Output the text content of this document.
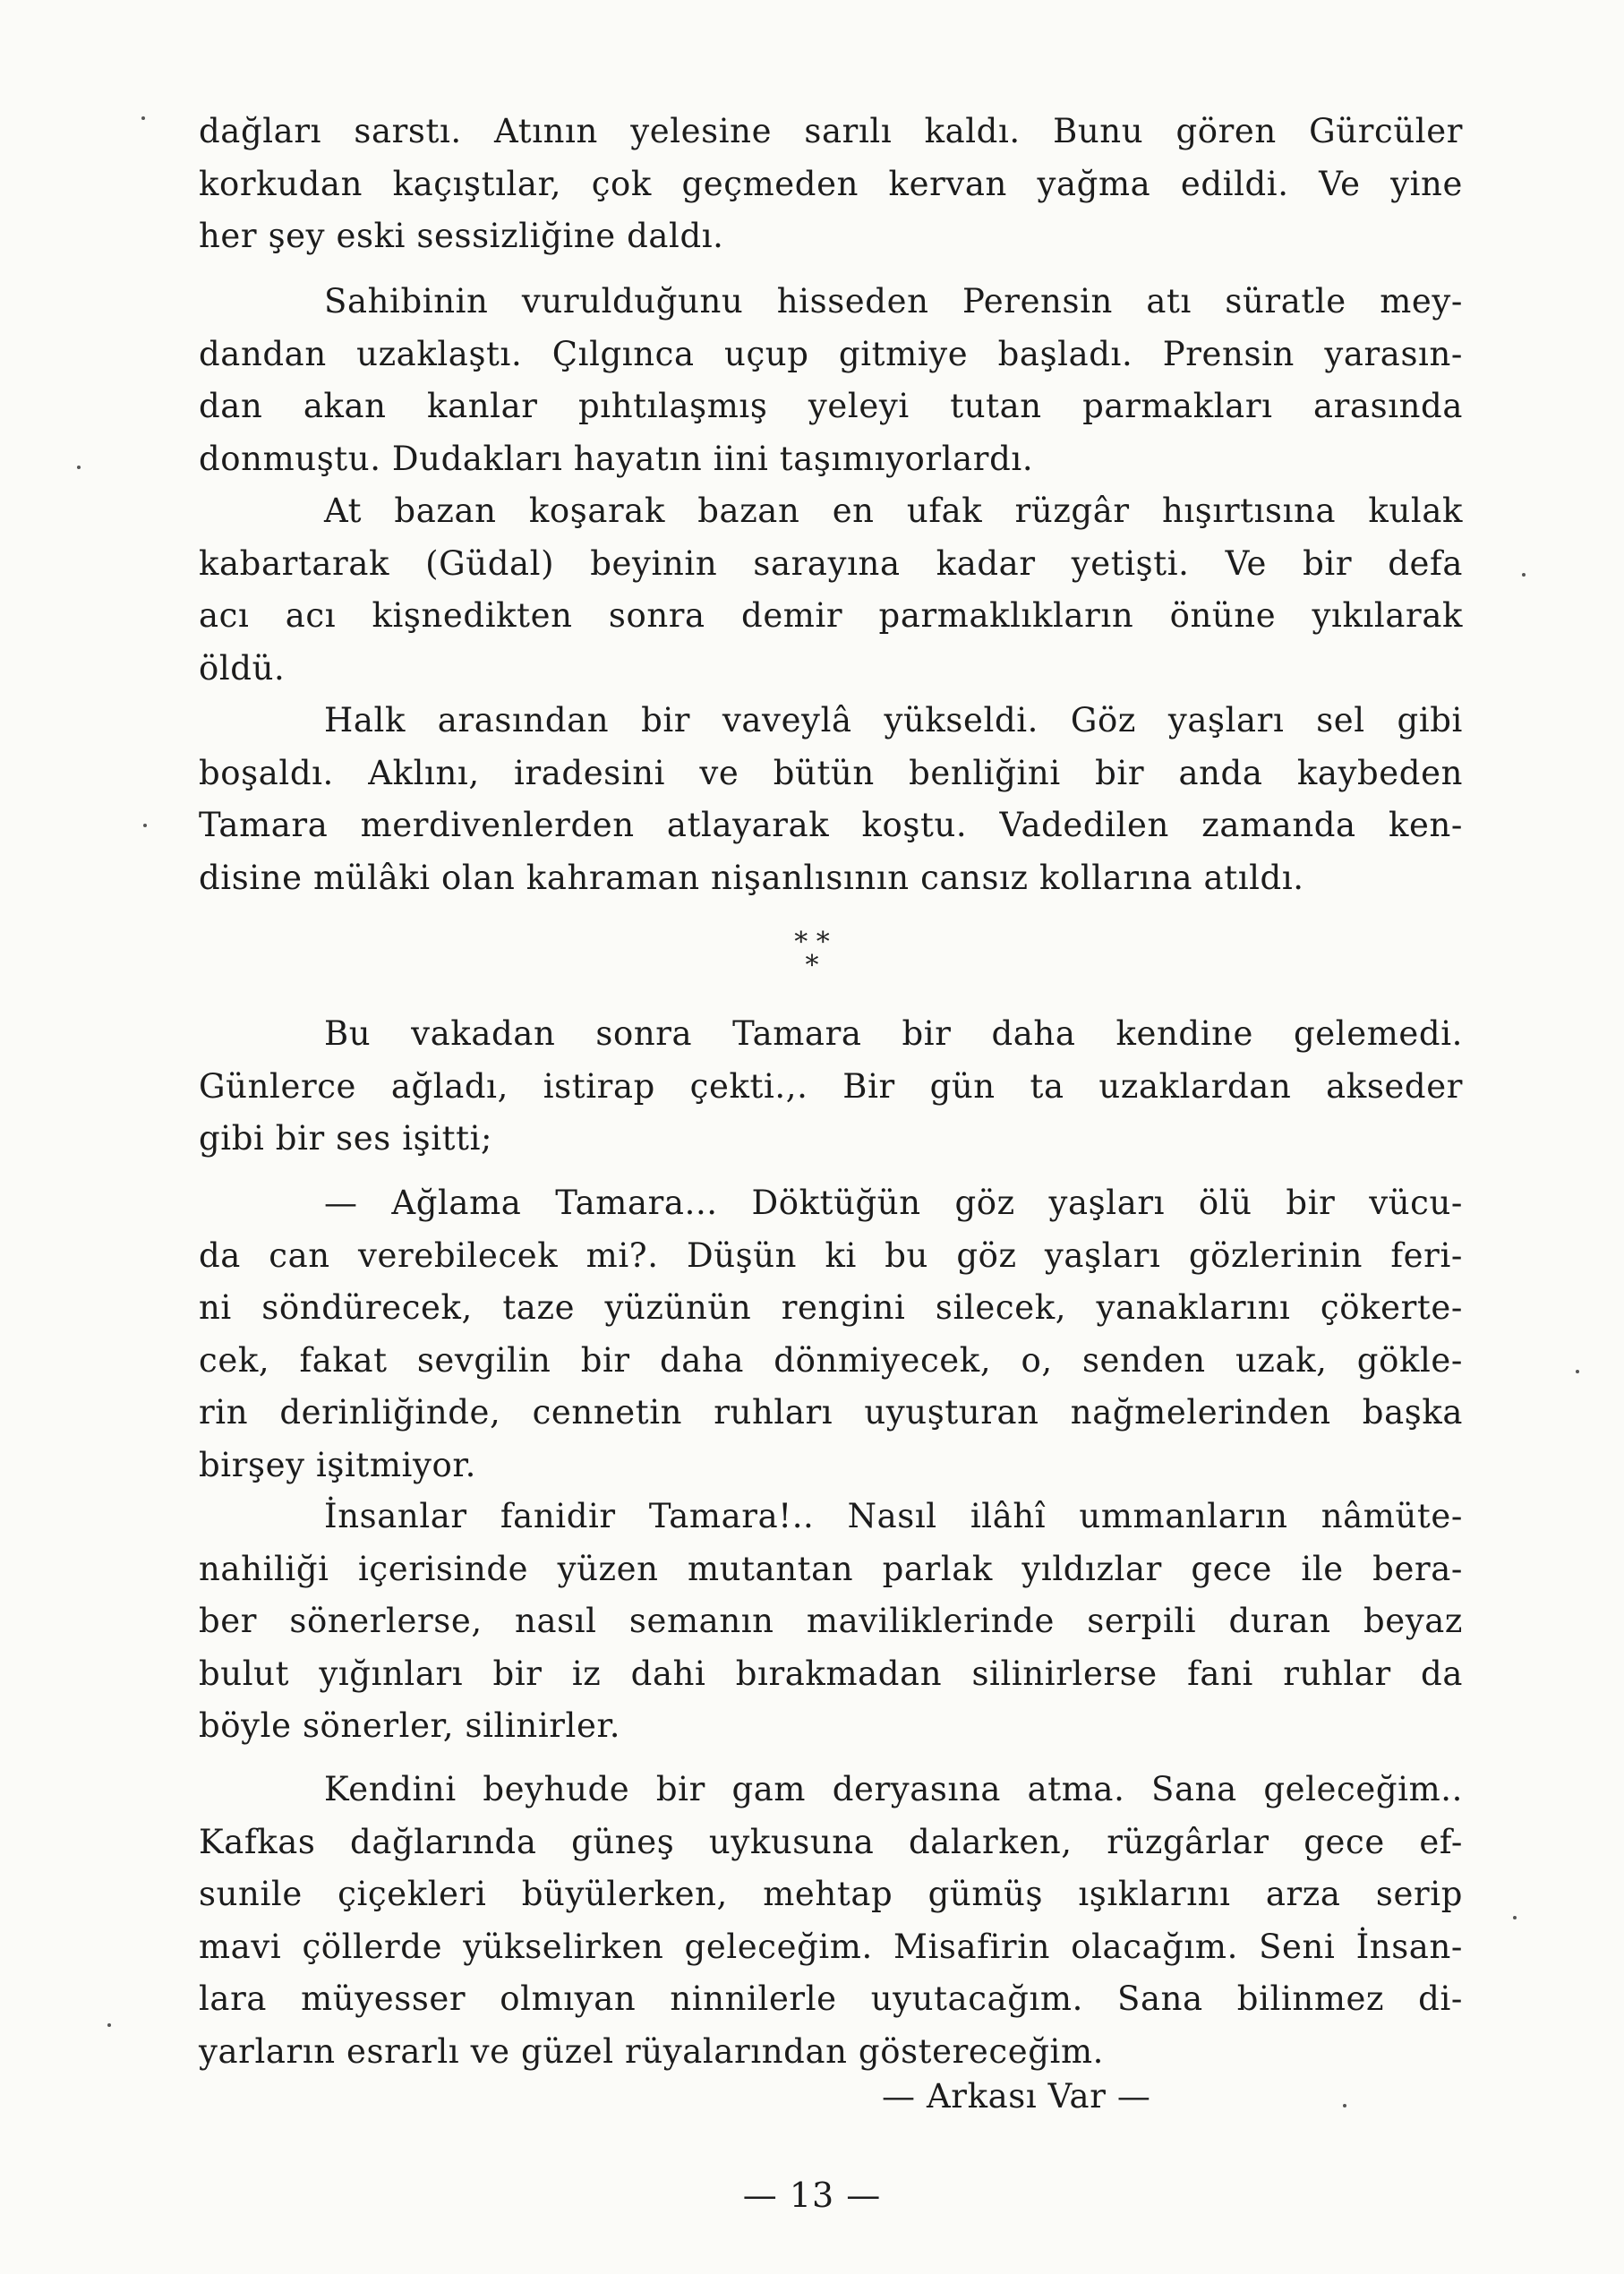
dağları sarstı. Atının yelesine sarılı kaldı. Bunu gören Gürcüler
korkudan kaçıştılar, çok geçmeden kervan yağma edildi. Ve yine
her şey eski sessizliğine daldı.

Sahibinin vurulduğunu hisseden Perensin atı süratle mey-
dandan uzaklaştı. Çılgınca uçup gitmiye başladı. Prensin yarasın-
dan akan kanlar pıhtılaşmış yeleyi tutan parmakları arasında
donmuştu. Dudakları hayatın iini taşımıyorlardı.

At bazan koşarak bazan en ufak rüzgâr hışırtısına kulak
kabartarak (Güdal) beyinin sarayına kadar yetişti. Ve bir defa
acı acı kişnedikten sonra demir parmaklıkların önüne yıkılarak
öldü.

Halk arasından bir vaveylâ yükseldi. Göz yaşları sel gibi
boşaldı. Aklını, iradesini ve bütün benliğini bir anda kaybeden
Tamara merdivenlerden atlayarak koştu. Vadedilen zamanda ken-
disine mülâki olan kahraman nişanlısının cansız kollarına atıldı.

* *
*

Bu vakadan sonra Tamara bir daha kendine gelemedi.
Günlerce ağladı, istirap çekti.,. Bir gün ta uzaklardan akseder
gibi bir ses işitti;

— Ağlama Tamara... Döktüğün göz yaşları ölü bir vücu-
da can verebilecek mi?. Düşün ki bu göz yaşları gözlerinin feri-
ni söndürecek, taze yüzünün rengini silecek, yanaklarını çökerte-
cek, fakat sevgilin bir daha dönmiyecek, o, senden uzak, gökle-
rin derinliğinde, cennetin ruhları uyuşturan nağmelerinden başka
birşey işitmiyor.

İnsanlar fanidir Tamara!.. Nasıl ilâhî ummanların nâmüte-
nahiliği içerisinde yüzen mutantan parlak yıldızlar gece ile bera-
ber sönerlerse, nasıl semanın maviliklerinde serpili duran beyaz
bulut yığınları bir iz dahi bırakmadan silinirlerse fani ruhlar da
böyle sönerler, silinirler.

Kendini beyhude bir gam deryasına atma. Sana geleceğim..
Kafkas dağlarında güneş uykusuna dalarken, rüzgârlar gece ef-
sunile çiçekleri büyülerken, mehtap gümüş ışıklarını arza serip
mavi çöllerde yükselirken geleceğim. Misafirin olacağım. Seni İnsan-
lara müyesser olmıyan ninnilerle uyutacağım. Sana bilinmez di-
yarların esrarlı ve güzel rüyalarından göstereceğim.

— Arkası Var —
— 13 —
